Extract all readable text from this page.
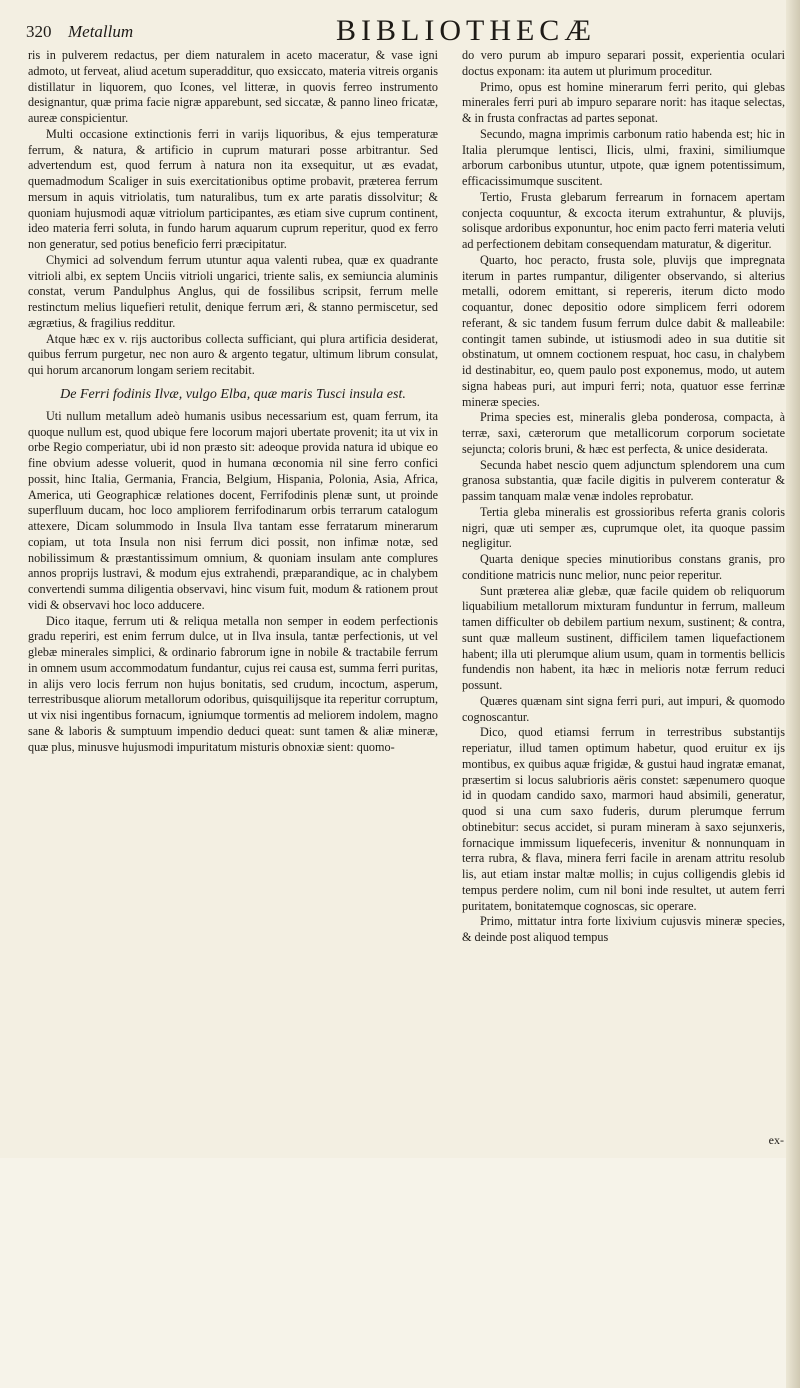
320 Metallum	BIBLIOTHECÆ

ris in pulverem redactus, per diem naturalem in aceto maceratur, & vase igni admoto, ut ferveat, aliud acetum superadditur, quo exsiccato, materia vitreis organis distillatur in liquorem, quo Icones, vel litteræ, in quovis ferreo instrumento designantur, quæ prima facie nigræ apparebunt, sed siccatæ, & panno lineo fricatæ, aureæ conspicientur.

Multi occasione extinctionis ferri in varijs liquoribus, & ejus temperaturæ ferrum, & natura, & artificio in cuprum maturari posse arbitrantur. Sed advertendum est, quod ferrum à natura non ita exsequitur, ut æs evadat, quemadmodum Scaliger in suis exercitationibus optime probavit, præterea ferrum mersum in aquis vitriolatis, tum naturalibus, tum ex arte paratis dissolvitur; & quoniam hujusmodi aquæ vitriolum participantes, æs etiam sive cuprum continent, ideo materia ferri soluta, in fundo harum aquarum cuprum reperitur, quod ex ferro non generatur, sed potius beneficio ferri præcipitatur.

Chymici ad solvendum ferrum utuntur aqua valenti rubea, quæ ex quadrante vitrioli albi, ex septem Unciis vitrioli ungarici, triente salis, ex semiuncia aluminis constat, verum Pandulphus Anglus, qui de fossilibus scripsit, ferrum melle restinctum melius liquefieri retulit, denique ferrum æri, & stanno permiscetur, sed ægrætius, & fragilius redditur.

Atque hæc ex v. rijs auctoribus collecta sufficiant, qui plura artificia desiderat, quibus ferrum purgetur, nec non auro & argento tegatur, ultimum librum consulat, qui horum arcanorum longam seriem recitabit.

De Ferri fodinis Ilvæ, vulgo Elba, quæ maris Tusci insula est.

Uti nullum metallum adeò humanis usibus necessarium est, quam ferrum, ita quoque nullum est, quod ubique fere locorum majori ubertate provenit; ita ut vix in orbe Regio comperiatur, ubi id non præsto sit: adeoque provida natura id ubique eo fine obvium adesse voluerit, quod in humana œconomia nil sine ferro confici possit, hinc Italia, Germania, Francia, Belgium, Hispania, Polonia, Asia, Africa, America, uti Geographicæ relationes docent, Ferrifodinis plenæ sunt, ut proinde superfluum ducam, hoc loco ampliorem ferrifodinarum orbis terrarum catalogum attexere, Dicam solummodo in Insula Ilva tantam esse ferratarum minerarum copiam, ut tota Insula non nisi ferrum dici possit, non infimæ notæ, sed nobilissimum & præstantissimum omnium, & quoniam insulam ante complures annos proprijs lustravi, & modum ejus extrahendi, præparandique, ac in chalybem convertendi summa diligentia observavi, hinc visum fuit, modum & rationem prout vidi & observavi hoc loco adducere.

Dico itaque, ferrum uti & reliqua metalla non semper in eodem perfectionis gradu reperiri, est enim ferrum dulce, ut in Ilva insula, tantæ perfectionis, ut vel glebæ minerales simplici, & ordinario fabrorum igne in nobile & tractabile ferrum in omnem usum accommodatum fundantur, cujus rei causa est, summa ferri puritas, in alijs vero locis ferrum non hujus bonitatis, sed crudum, incoctum, asperum, terrestribusque aliorum metallorum odoribus, quisquilijsque ita reperitur corruptum, ut vix nisi ingentibus fornacum, igniumque tormentis ad meliorem indolem, magno sane & laboris & sumptuum impendio deduci queat: sunt tamen & aliæ mineræ, quæ plus, minusve hujusmodi impuritatum misturis obnoxiæ sient: quomo-

do vero purum ab impuro separari possit, experientia oculari doctus exponam: ita autem ut plurimum proceditur.

Primo, opus est homine minerarum ferri perito, qui glebas minerales ferri puri ab impuro separare norit: has itaque selectas, & in frusta confractas ad partes seponat.

Secundo, magna imprimis carbonum ratio habenda est; hic in Italia plerumque lentisci, Ilicis, ulmi, fraxini, similiumque arborum carbonibus utuntur, utpote, quæ ignem potentissimum, efficacissimumque suscitent.

Tertio, Frusta glebarum ferrearum in fornacem apertam conjecta coquuntur, & excocta iterum extrahuntur, & pluvijs, solisque ardoribus exponuntur, hoc enim pacto ferri materia veluti ad perfectionem debitam consequendam maturatur, & digeritur.

Quarto, hoc peracto, frusta sole, pluvijs que impregnata iterum in partes rumpantur, diligenter observando, si alterius metalli, odorem emittant, si repereris, iterum dicto modo coquantur, donec depositio odore simplicem ferri odorem referant, & sic tandem fusum ferrum dulce dabit & malleabile: contingit tamen subinde, ut istiusmodi adeo in sua dutitie sit obstinatum, ut omnem coctionem respuat, hoc casu, in chalybem id destinabitur, eo, quem paulo post exponemus, modo, ut autem signa habeas puri, aut impuri ferri; nota, quatuor esse ferrinæ mineræ species.

Prima species est, mineralis gleba ponderosa, compacta, à terræ, saxi, cæterorum que metallicorum corporum societate sejuncta; coloris bruni, & hæc est perfecta, & unice desiderata.

Secunda habet nescio quem adjunctum splendorem una cum granosa substantia, quæ facile digitis in pulverem conteratur & passim tanquam malæ venæ indoles reprobatur.

Tertia gleba mineralis est grossioribus referta granis coloris nigri, quæ uti semper æs, cuprumque olet, ita quoque passim negligitur.

Quarta denique species minutioribus constans granis, pro conditione matricis nunc melior, nunc peior reperitur.

Sunt præterea aliæ glebæ, quæ facile quidem ob reliquorum liquabilium metallorum mixturam funduntur in ferrum, malleum tamen difficulter ob debilem partium nexum, sustinent; & contra, sunt quæ malleum sustinent, difficilem tamen liquefactionem habent; illa uti plerumque alium usum, quam in tormentis bellicis fundendis non habent, ita hæc in melioris notæ ferrum reduci possunt.

Quæres quænam sint signa ferri puri, aut impuri, & quomodo cognoscantur.

Dico, quod etiamsi ferrum in terrestribus substantijs reperiatur, illud tamen optimum habetur, quod eruitur ex ijs montibus, ex quibus aquæ frigidæ, & gustui haud ingratæ emanat, præsertim si locus salubrioris aëris constet: sæpenumero quoque id in quodam candido saxo, marmori haud absimili, generatur, quod si una cum saxo fuderis, durum plerumque ferrum obtinebitur: secus accidet, si puram mineram à saxo sejunxeris, fornacique immissum liquefeceris, invenitur & nonnunquam in terra rubra, & flava, minera ferri facile in arenam attritu resolub lis, aut etiam instar maltæ mollis; in cujus colligendis glebis id tempus perdere nolim, cum nil boni inde resultet, ut autem ferri puritatem, bonitatemque cognoscas, sic operare.

Primo, mittatur intra forte lixivium cujusvis mineræ species, & deinde post aliquod tempus

ex-
